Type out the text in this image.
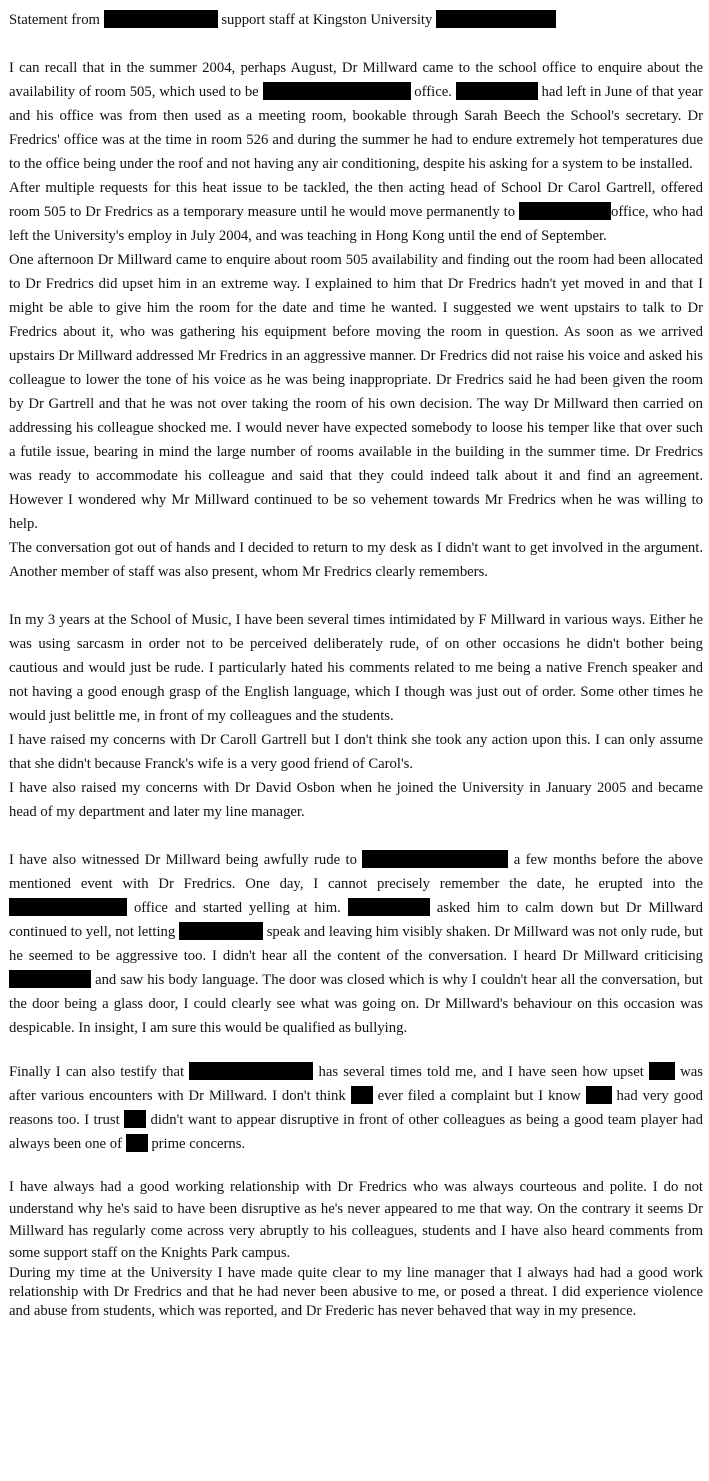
Statement from	support staff at Kingston University

I can recall that in the summer 2004, perhaps August, Dr Millward came to the school office to enquire about the availability of room 505, which used to be	office.	had left in June of that year and his office was from then used as a meeting room, bookable through Sarah Beech the School's secretary. Dr Fredrics' office was at the time in room 526 and during the summer he had to endure extremely hot temperatures due to the office being under the roof and not having any air conditioning, despite his asking for a system to be installed.

After multiple requests for this heat issue to be tackled, the then acting head of School Dr Carol Gartrell, offered room 505 to Dr Fredrics as a temporary measure until he would move permanently to	office, who had left the University's employ in July 2004, and was teaching in Hong Kong until the end of September.

One afternoon Dr Millward came to enquire about room 505 availability and finding out the room had been allocated to Dr Fredrics did upset him in an extreme way. I explained to him that Dr Fredrics hadn't yet moved in and that I might be able to give him the room for the date and time he wanted. I suggested we went upstairs to talk to Dr Fredrics about it, who was gathering his equipment before moving the room in question. As soon as we arrived upstairs Dr Millward addressed Mr Fredrics in an aggressive manner. Dr Fredrics did not raise his voice and asked his colleague to lower the tone of his voice as he was being inappropriate. Dr Fredrics said he had been given the room by Dr Gartrell and that he was not over taking the room of his own decision. The way Dr Millward then carried on addressing his colleague shocked me. I would never have expected somebody to loose his temper like that over such a futile issue, bearing in mind the large number of rooms available in the building in the summer time. Dr Fredrics was ready to accommodate his colleague and said that they could indeed talk about it and find an agreement. However I wondered why Mr Millward continued to be so vehement towards Mr Fredrics when he was willing to help.

The conversation got out of hands and I decided to return to my desk as I didn't want to get involved in the argument. Another member of staff was also present, whom Mr Fredrics clearly remembers.

In my 3 years at the School of Music, I have been several times intimidated by F Millward in various ways. Either he was using sarcasm in order not to be perceived deliberately rude, of on other occasions he didn't bother being cautious and would just be rude. I particularly hated his comments related to me being a native French speaker and not having a good enough grasp of the English language, which I though was just out of order. Some other times he would just belittle me, in front of my colleagues and the students.

I have raised my concerns with Dr Caroll Gartrell but I don't think she took any action upon this. I can only assume that she didn't because Franck's wife is a very good friend of Carol's.

I have also raised my concerns with Dr David Osbon when he joined the University in January 2005 and became head of my department and later my line manager.

I have also witnessed Dr Millward being awfully rude to	a few months before the above mentioned event with Dr Fredrics. One day, I cannot precisely remember the date, he erupted into the  office and started yelling at him.	asked him to calm down but Dr Millward continued to yell, not letting	speak and leaving him visibly shaken. Dr Millward was not only rude, but he seemed to be aggressive too. I didn't hear all the content of the conversation. I heard Dr Millward criticising  and saw his body language. The door was closed which is why I couldn't hear all the conversation, but the door being a glass door, I could clearly see what was going on. Dr Millward's behaviour on this occasion was despicable. In insight, I am sure this would be qualified as bullying.

Finally I can also testify that	has several times told me, and I have seen how upset was after various encounters with Dr Millward. I don't think ever filed a complaint but I know had very good reasons too. I trust didn't want to appear disruptive in front of other colleagues as being a good team player had always been one of prime concerns.

I have always had a good working relationship with Dr Fredrics who was always courteous and polite. I do not understand why he's said to have been disruptive as he's never appeared to me that way. On the contrary it seems Dr Millward has regularly come across very abruptly to his colleagues, students and I have also heard comments from some support staff on the Knights Park campus.

During my time at the University I have made quite clear to my line manager that I always had had a good work relationship with Dr Fredrics and that he had never been abusive to me, or posed a threat. I did experience violence and abuse from students, which was reported, and Dr Frederic has never behaved that way in my presence.
